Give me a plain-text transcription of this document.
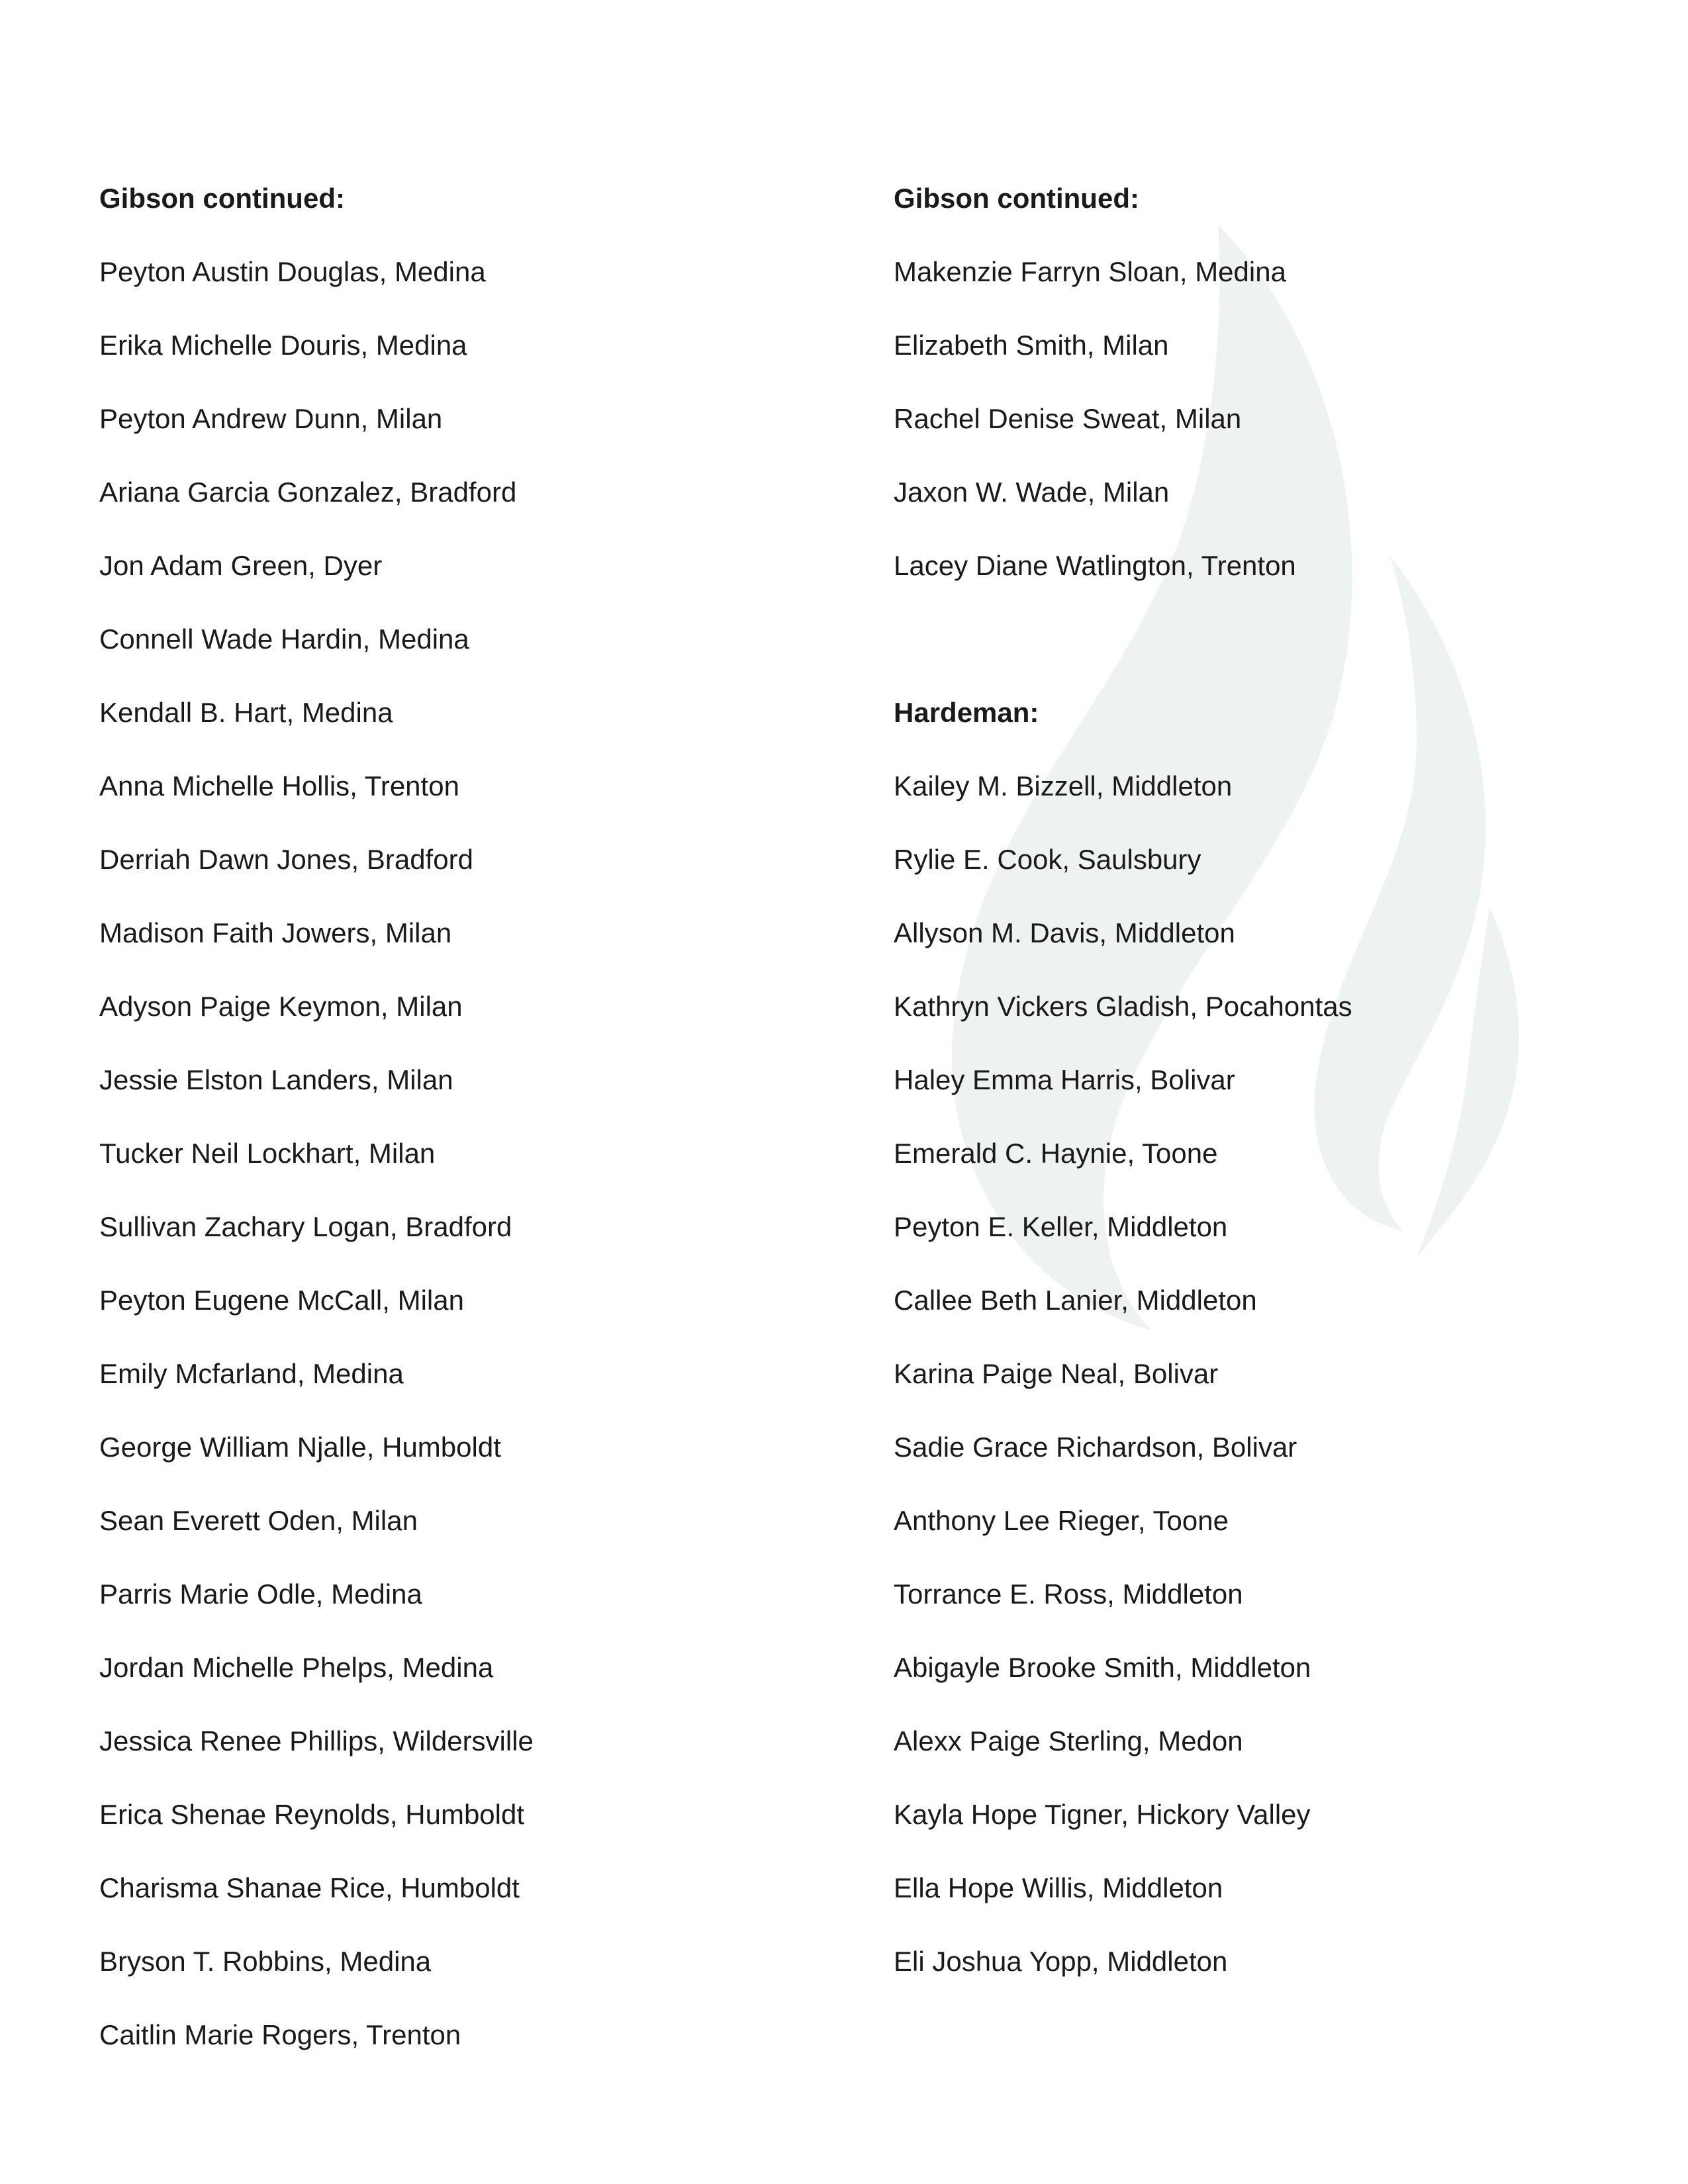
Gibson continued:
Peyton Austin Douglas, Medina
Erika Michelle Douris, Medina
Peyton Andrew Dunn, Milan
Ariana Garcia Gonzalez, Bradford
Jon Adam Green, Dyer
Connell Wade Hardin, Medina
Kendall B. Hart, Medina
Anna Michelle Hollis, Trenton
Derriah Dawn Jones, Bradford
Madison Faith Jowers, Milan
Adyson Paige Keymon, Milan
Jessie Elston Landers, Milan
Tucker Neil Lockhart, Milan
Sullivan Zachary Logan, Bradford
Peyton Eugene McCall, Milan
Emily Mcfarland, Medina
George William Njalle, Humboldt
Sean Everett Oden, Milan
Parris Marie Odle, Medina
Jordan Michelle Phelps, Medina
Jessica Renee Phillips, Wildersville
Erica Shenae Reynolds, Humboldt
Charisma Shanae Rice, Humboldt
Bryson T. Robbins, Medina
Caitlin Marie Rogers, Trenton
Gibson continued:
Makenzie Farryn Sloan, Medina
Elizabeth Smith, Milan
Rachel Denise Sweat, Milan
Jaxon W. Wade, Milan
Lacey Diane Watlington, Trenton
Hardeman:
Kailey M. Bizzell, Middleton
Rylie E. Cook, Saulsbury
Allyson M. Davis, Middleton
Kathryn Vickers Gladish, Pocahontas
Haley Emma Harris, Bolivar
Emerald C. Haynie, Toone
Peyton E. Keller, Middleton
Callee Beth Lanier, Middleton
Karina Paige Neal, Bolivar
Sadie Grace Richardson, Bolivar
Anthony Lee Rieger, Toone
Torrance E. Ross, Middleton
Abigayle Brooke Smith, Middleton
Alexx Paige Sterling, Medon
Kayla Hope Tigner, Hickory Valley
Ella Hope Willis, Middleton
Eli Joshua Yopp, Middleton
